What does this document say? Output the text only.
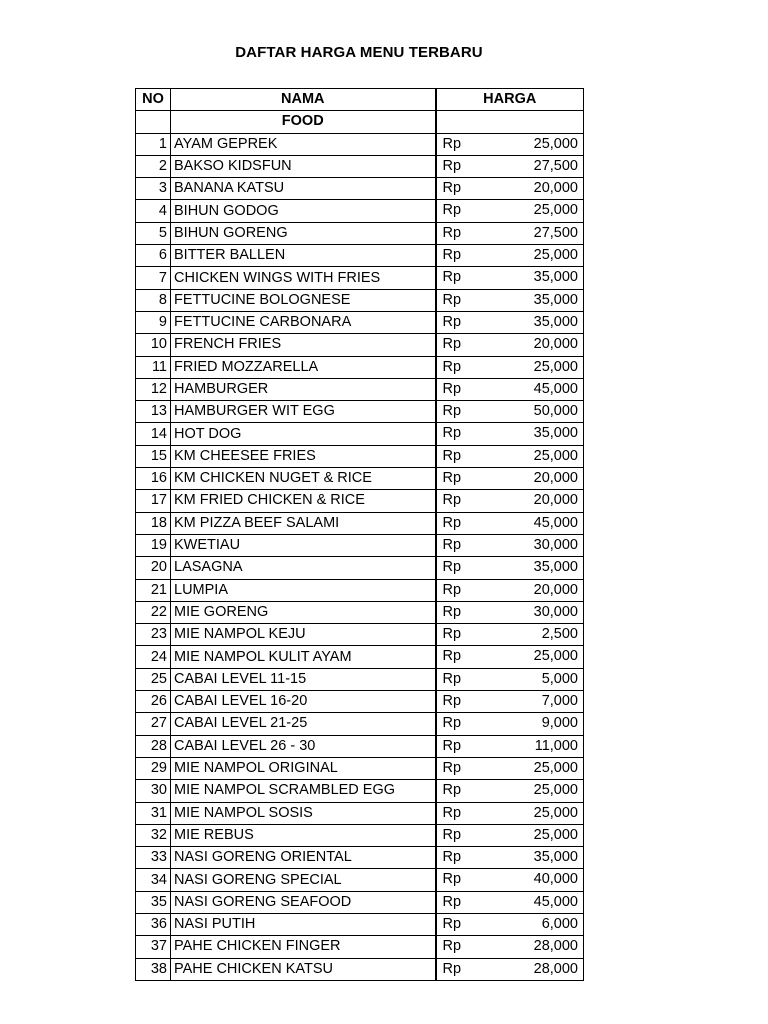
DAFTAR HARGA MENU TERBARU
NO	NAMA	HARGA
	FOOD	
1	AYAM GEPREK	Rp 25,000

2	BAKSO KIDSFUN	Rp 27,500

3	BANANA KATSU	Rp 20,000

4	BIHUN GODOG	Rp 25,000

5	BIHUN GORENG	Rp 27,500

6	BITTER BALLEN	Rp 25,000

7	CHICKEN WINGS WITH FRIES	Rp 35,000

8	FETTUCINE BOLOGNESE	Rp 35,000

9	FETTUCINE CARBONARA	Rp 35,000

10	FRENCH FRIES	Rp 20,000

11	FRIED MOZZARELLA	Rp 25,000

12	HAMBURGER	Rp 45,000

13	HAMBURGER WIT EGG	Rp 50,000

14	HOT DOG	Rp 35,000

15	KM CHEESEE FRIES	Rp 25,000

16	KM CHICKEN NUGET & RICE	Rp 20,000

17	KM FRIED CHICKEN & RICE	Rp 20,000

18	KM PIZZA BEEF SALAMI	Rp 45,000

19	KWETIAU	Rp 30,000

20	LASAGNA	Rp 35,000

21	LUMPIA	Rp 20,000

22	MIE GORENG	Rp 30,000

23	MIE NAMPOL KEJU	Rp 2,500

24	MIE NAMPOL KULIT AYAM	Rp 25,000

25	CABAI LEVEL 11-15	Rp 5,000

26	CABAI LEVEL 16-20	Rp 7,000

27	CABAI LEVEL 21-25	Rp 9,000

28	CABAI LEVEL 26 - 30	Rp 11,000

29	MIE NAMPOL ORIGINAL	Rp 25,000

30	MIE NAMPOL SCRAMBLED EGG	Rp 25,000

31	MIE NAMPOL SOSIS	Rp 25,000

32	MIE REBUS	Rp 25,000

33	NASI GORENG ORIENTAL	Rp 35,000

34	NASI GORENG SPECIAL	Rp 40,000

35	NASI GORENG SEAFOOD	Rp 45,000

36	NASI PUTIH	Rp 6,000

37	PAHE CHICKEN FINGER	Rp 28,000

38	PAHE CHICKEN KATSU	Rp 28,000
